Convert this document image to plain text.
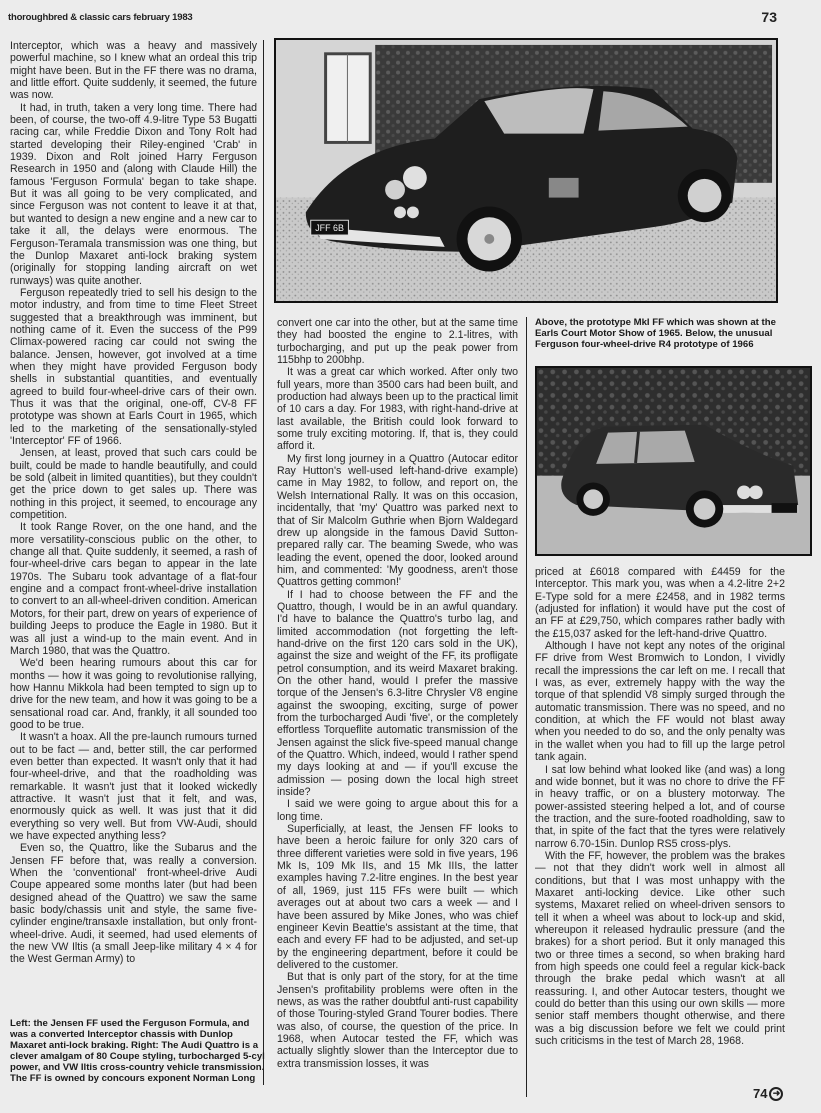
thoroughbred & classic cars february 1983	73
JFF 6B
Above, the prototype MkI FF which was shown at the Earls Court Motor Show of 1965. Below, the unusual Ferguson four-wheel-drive R4 prototype of 1966

Interceptor, which was a heavy and massively powerful machine, so I knew what an ordeal this trip might have been. But in the FF there was no drama, and little effort. Quite suddenly, it seemed, the future was now.

It had, in truth, taken a very long time. There had been, of course, the two-off 4.9-litre Type 53 Bugatti racing car, while Freddie Dixon and Tony Rolt had started developing their Riley-engined 'Crab' in 1939. Dixon and Rolt joined Harry Ferguson Research in 1950 and (along with Claude Hill) the famous 'Ferguson Formula' began to take shape. But it was all going to be very complicated, and since Ferguson was not content to leave it at that, but wanted to design a new engine and a new car to take it all, the delays were enormous. The Ferguson-Teramala transmission was one thing, but the Dunlop Maxaret anti-lock braking system (originally for stopping landing aircraft on wet runways) was quite another.

Ferguson repeatedly tried to sell his design to the motor industry, and from time to time Fleet Street suggested that a breakthrough was imminent, but nothing came of it. Even the success of the P99 Climax-powered racing car could not swing the balance. Jensen, however, got involved at a time when they might have provided Ferguson body shells in substantial quantities, and eventually agreed to build four-wheel-drive cars of their own. Thus it was that the original, one-off, CV-8 FF prototype was shown at Earls Court in 1965, which led to the marketing of the sensationally-styled 'Interceptor' FF of 1966.

Jensen, at least, proved that such cars could be built, could be made to handle beautifully, and could be sold (albeit in limited quantities), but they couldn't get the price down to get sales up. There was nothing in this project, it seemed, to encourage any competition.

It took Range Rover, on the one hand, and the more versatility-conscious public on the other, to change all that. Quite suddenly, it seemed, a rash of four-wheel-drive cars began to appear in the late 1970s. The Subaru took advantage of a flat-four engine and a compact front-wheel-drive installation to convert to an all-wheel-driven condition. American Motors, for their part, drew on years of experience of building Jeeps to produce the Eagle in 1980. But it was all just a wind-up to the main event. And in March 1980, that was the Quattro.

We'd been hearing rumours about this car for months — how it was going to revolutionise rallying, how Hannu Mikkola had been tempted to sign up to drive for the new team, and how it was going to be a sensational road car. And, frankly, it all sounded too good to be true.

It wasn't a hoax. All the pre-launch rumours turned out to be fact — and, better still, the car performed even better than expected. It wasn't only that it had four-wheel-drive, and that the roadholding was remarkable. It wasn't just that it looked wickedly attractive. It wasn't just that it felt, and was, enormously quick as well. It was just that it did everything so very well. But from VW-Audi, should we have expected anything less?

Even so, the Quattro, like the Subarus and the Jensen FF before that, was really a conversion. When the 'conventional' front-wheel-drive Audi Coupe appeared some months later (but had been designed ahead of the Quattro) we saw the same basic body/chassis unit and style, the same five-cylinder engine/transaxle installation, but only front-wheel-drive. Audi, it seemed, had used elements of the new VW Iltis (a small Jeep-like military 4 × 4 for the West German Army) to

Left: the Jensen FF used the Ferguson Formula, and was a converted Interceptor chassis with Dunlop Maxaret anti-lock braking. Right: The Audi Quattro is a clever amalgam of 80 Coupe styling, turbocharged 5-cyl power, and VW Iltis cross-country vehicle transmission. The FF is owned by concours exponent Norman Long

convert one car into the other, but at the same time they had boosted the engine to 2.1-litres, with turbocharging, and put up the peak power from 115bhp to 200bhp.

It was a great car which worked. After only two full years, more than 3500 cars had been built, and production had always been up to the practical limit of 10 cars a day. For 1983, with right-hand-drive at last available, the British could look forward to some truly exciting motoring. If, that is, they could afford it.

My first long journey in a Quattro (Autocar editor Ray Hutton's well-used left-hand-drive example) came in May 1982, to follow, and report on, the Welsh International Rally. It was on this occasion, incidentally, that 'my' Quattro was parked next to that of Sir Malcolm Guthrie when Bjorn Waldegard drew up alongside in the famous David Sutton-prepared rally car. The beaming Swede, who was leading the event, opened the door, looked around him, and commented: 'My goodness, aren't those Quattros getting common!'

If I had to choose between the FF and the Quattro, though, I would be in an awful quandary. I'd have to balance the Quattro's turbo lag, and limited accommodation (not forgetting the left-hand-drive on the first 120 cars sold in the UK), against the size and weight of the FF, its profligate petrol consumption, and its weird Maxaret braking. On the other hand, would I prefer the massive torque of the Jensen's 6.3-litre Chrysler V8 engine against the swooping, exciting, surge of power from the turbocharged Audi 'five', or the completely effortless Torqueflite automatic transmission of the Jensen against the slick five-speed manual change of the Quattro. Which, indeed, would I rather spend my days looking at and — if you'll excuse the admission — posing down the local high street inside?

I said we were going to argue about this for a long time.

Superficially, at least, the Jensen FF looks to have been a heroic failure for only 320 cars of three different varieties were sold in five years, 196 Mk Is, 109 Mk IIs, and 15 Mk IIIs, the latter examples having 7.2-litre engines. In the best year of all, 1969, just 115 FFs were built — which averages out at about two cars a week — and I have been assured by Mike Jones, who was chief engineer Kevin Beattie's assistant at the time, that each and every FF had to be adjusted, and set-up by the engineering department, before it could be delivered to the customer.

But that is only part of the story, for at the time Jensen's profitability problems were often in the news, as was the rather doubtful anti-rust capability of those Touring-styled Grand Tourer bodies. There was also, of course, the question of the price. In 1968, when Autocar tested the FF, which was actually slightly slower than the Interceptor due to extra transmission losses, it was

priced at £6018 compared with £4459 for the Interceptor. This mark you, was when a 4.2-litre 2+2 E-Type sold for a mere £2458, and in 1982 terms (adjusted for inflation) it would have put the cost of an FF at £29,750, which compares rather badly with the £15,037 asked for the left-hand-drive Quattro.

Although I have not kept any notes of the original FF drive from West Bromwich to London, I vividly recall the impressions the car left on me. I recall that I was, as ever, extremely happy with the way the torque of that splendid V8 simply surged through the automatic transmission. There was no speed, and no condition, at which the FF would not blast away when you needed to do so, and the only penalty was in the wallet when you had to fill up the large petrol tank again.

I sat low behind what looked like (and was) a long and wide bonnet, but it was no chore to drive the FF in heavy traffic, or on a blustery motorway. The power-assisted steering helped a lot, and of course the traction, and the sure-footed roadholding, saw to that, in spite of the fact that the tyres were relatively narrow 6.70-15in. Dunlop RS5 cross-plys.

With the FF, however, the problem was the brakes — not that they didn't work well in almost all conditions, but that I was most unhappy with the Maxaret anti-locking device. Like other such systems, Maxaret relied on wheel-driven sensors to tell it when a wheel was about to lock-up and skid, whereupon it released hydraulic pressure (and the brakes) for a short period. But it only managed this two or three times a second, so when braking hard from high speeds one could feel a regular kick-back through the brake pedal which wasn't at all reassuring. I, and other Autocar testers, thought we could do better than this using our own skills — more senior staff members thought otherwise, and there was a big discussion before we felt we could print such criticisms in the test of March 28, 1968.

74 ➜
